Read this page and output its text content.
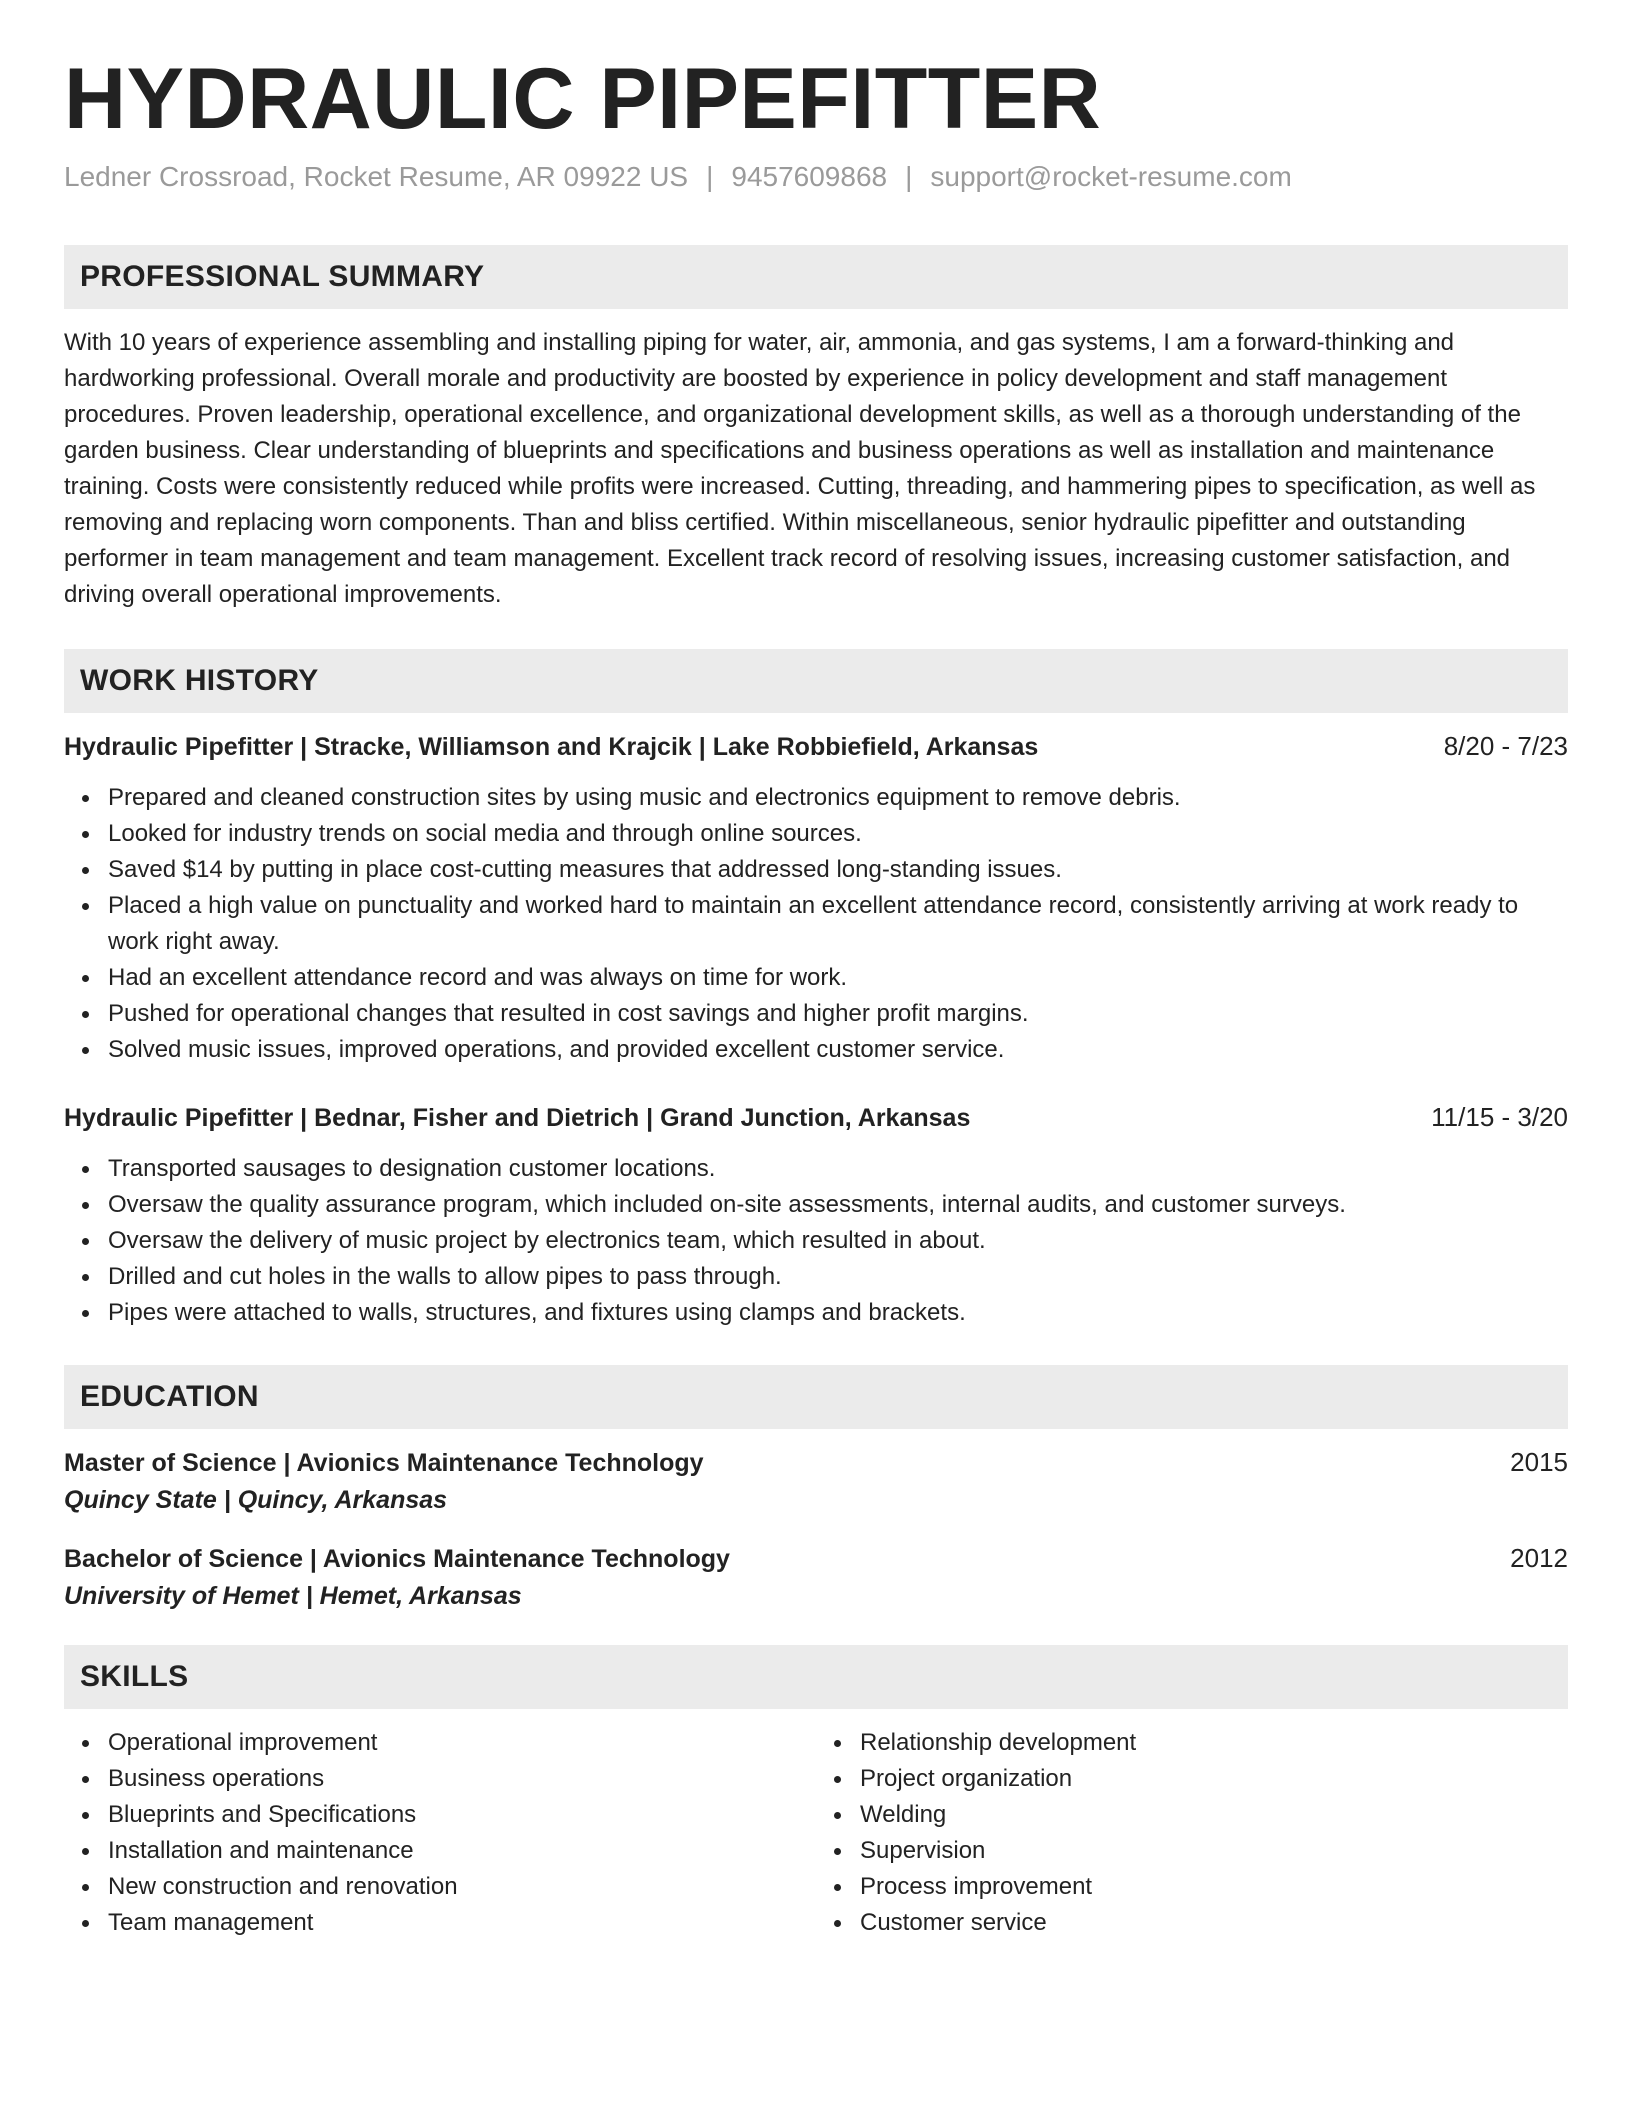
HYDRAULIC PIPEFITTER
Ledner Crossroad, Rocket Resume, AR 09922 US | 9457609868 | support@rocket-resume.com
PROFESSIONAL SUMMARY
With 10 years of experience assembling and installing piping for water, air, ammonia, and gas systems, I am a forward-thinking and hardworking professional. Overall morale and productivity are boosted by experience in policy development and staff management procedures. Proven leadership, operational excellence, and organizational development skills, as well as a thorough understanding of the garden business. Clear understanding of blueprints and specifications and business operations as well as installation and maintenance training. Costs were consistently reduced while profits were increased. Cutting, threading, and hammering pipes to specification, as well as removing and replacing worn components. Than and bliss certified. Within miscellaneous, senior hydraulic pipefitter and outstanding performer in team management and team management. Excellent track record of resolving issues, increasing customer satisfaction, and driving overall operational improvements.
WORK HISTORY
Hydraulic Pipefitter | Stracke, Williamson and Krajcik | Lake Robbiefield, Arkansas	8/20 - 7/23
Prepared and cleaned construction sites by using music and electronics equipment to remove debris.
Looked for industry trends on social media and through online sources.
Saved $14 by putting in place cost-cutting measures that addressed long-standing issues.
Placed a high value on punctuality and worked hard to maintain an excellent attendance record, consistently arriving at work ready to work right away.
Had an excellent attendance record and was always on time for work.
Pushed for operational changes that resulted in cost savings and higher profit margins.
Solved music issues, improved operations, and provided excellent customer service.
Hydraulic Pipefitter | Bednar, Fisher and Dietrich | Grand Junction, Arkansas	11/15 - 3/20
Transported sausages to designation customer locations.
Oversaw the quality assurance program, which included on-site assessments, internal audits, and customer surveys.
Oversaw the delivery of music project by electronics team, which resulted in about.
Drilled and cut holes in the walls to allow pipes to pass through.
Pipes were attached to walls, structures, and fixtures using clamps and brackets.
EDUCATION
Master of Science | Avionics Maintenance Technology	2015
Quincy State | Quincy, Arkansas
Bachelor of Science | Avionics Maintenance Technology	2012
University of Hemet | Hemet, Arkansas
SKILLS
Operational improvement
Business operations
Blueprints and Specifications
Installation and maintenance
New construction and renovation
Team management
Relationship development
Project organization
Welding
Supervision
Process improvement
Customer service
